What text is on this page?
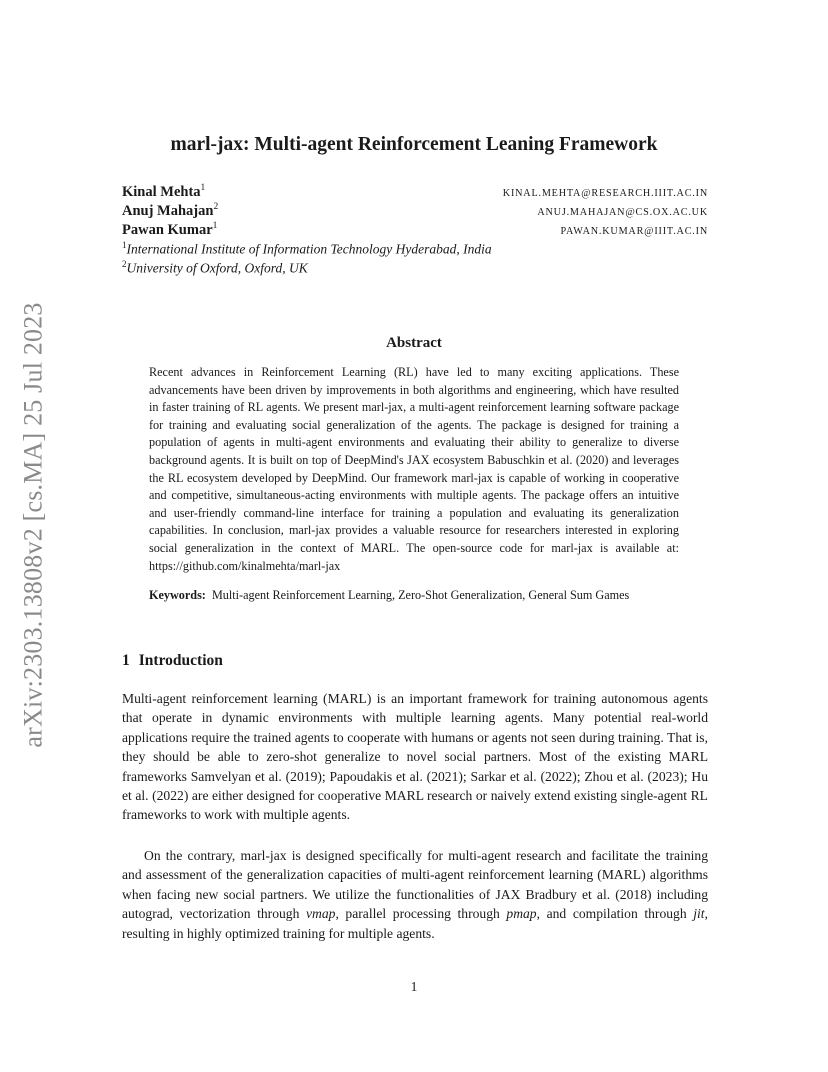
arXiv:2303.13808v2 [cs.MA] 25 Jul 2023
marl-jax: Multi-agent Reinforcement Leaning Framework
Kinal Mehta$^1$	KINAL.MEHTA@RESEARCH.IIIT.AC.IN
Anuj Mahajan$^2$	ANUJ.MAHAJAN@CS.OX.AC.UK
Pawan Kumar$^1$	PAWAN.KUMAR@IIIT.AC.IN
$^1$International Institute of Information Technology Hyderabad, India
$^2$University of Oxford, Oxford, UK
Abstract
Recent advances in Reinforcement Learning (RL) have led to many exciting applications. These advancements have been driven by improvements in both algorithms and engineering, which have resulted in faster training of RL agents. We present marl-jax, a multi-agent reinforcement learning software package for training and evaluating social generalization of the agents. The package is designed for training a population of agents in multi-agent environments and evaluating their ability to generalize to diverse background agents. It is built on top of DeepMind's JAX ecosystem Babuschkin et al. (2020) and leverages the RL ecosystem developed by DeepMind. Our framework marl-jax is capable of working in cooperative and competitive, simultaneous-acting environments with multiple agents. The package offers an intuitive and user-friendly command-line interface for training a population and evaluating its generalization capabilities. In conclusion, marl-jax provides a valuable resource for researchers interested in exploring social generalization in the context of MARL. The open-source code for marl-jax is available at: https://github.com/kinalmehta/marl-jax
Keywords: Multi-agent Reinforcement Learning, Zero-Shot Generalization, General Sum Games
1 Introduction
Multi-agent reinforcement learning (MARL) is an important framework for training autonomous agents that operate in dynamic environments with multiple learning agents. Many potential real-world applications require the trained agents to cooperate with humans or agents not seen during training. That is, they should be able to zero-shot generalize to novel social partners. Most of the existing MARL frameworks Samvelyan et al. (2019); Papoudakis et al. (2021); Sarkar et al. (2022); Zhou et al. (2023); Hu et al. (2022) are either designed for cooperative MARL research or naively extend existing single-agent RL frameworks to work with multiple agents.
On the contrary, marl-jax is designed specifically for multi-agent research and facilitate the training and assessment of the generalization capacities of multi-agent reinforcement learning (MARL) algorithms when facing new social partners. We utilize the functionalities of JAX Bradbury et al. (2018) including autograd, vectorization through vmap, parallel processing through pmap, and compilation through jit, resulting in highly optimized training for multiple agents.
1
